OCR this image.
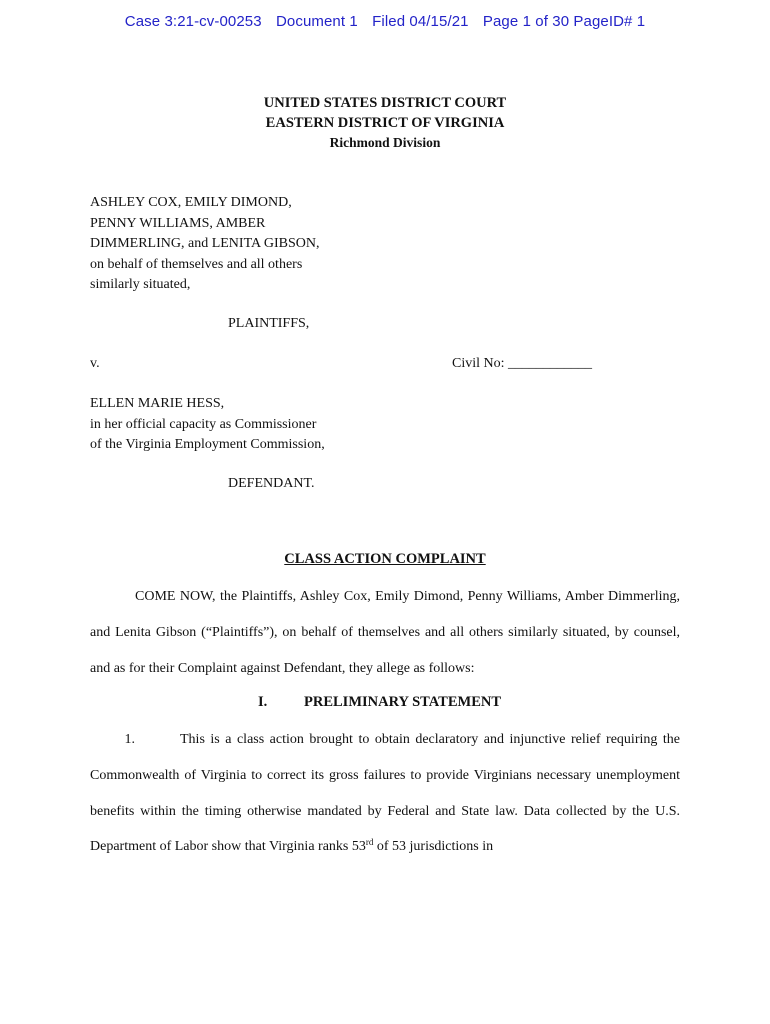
Case 3:21-cv-00253 Document 1 Filed 04/15/21 Page 1 of 30 PageID# 1
UNITED STATES DISTRICT COURT
EASTERN DISTRICT OF VIRGINIA
Richmond Division
ASHLEY COX, EMILY DIMOND,
PENNY WILLIAMS, AMBER
DIMMERLING, and LENITA GIBSON,
on behalf of themselves and all others
similarly situated,
PLAINTIFFS,
v.	Civil No: ____________
ELLEN MARIE HESS,
in her official capacity as Commissioner
of the Virginia Employment Commission,
DEFENDANT.
CLASS ACTION COMPLAINT
COME NOW, the Plaintiffs, Ashley Cox, Emily Dimond, Penny Williams, Amber Dimmerling, and Lenita Gibson (“Plaintiffs”), on behalf of themselves and all others similarly situated, by counsel, and as for their Complaint against Defendant, they allege as follows:
I.	PRELIMINARY STATEMENT
1.	This is a class action brought to obtain declaratory and injunctive relief requiring the Commonwealth of Virginia to correct its gross failures to provide Virginians necessary unemployment benefits within the timing otherwise mandated by Federal and State law. Data collected by the U.S. Department of Labor show that Virginia ranks 53rd of 53 jurisdictions in
